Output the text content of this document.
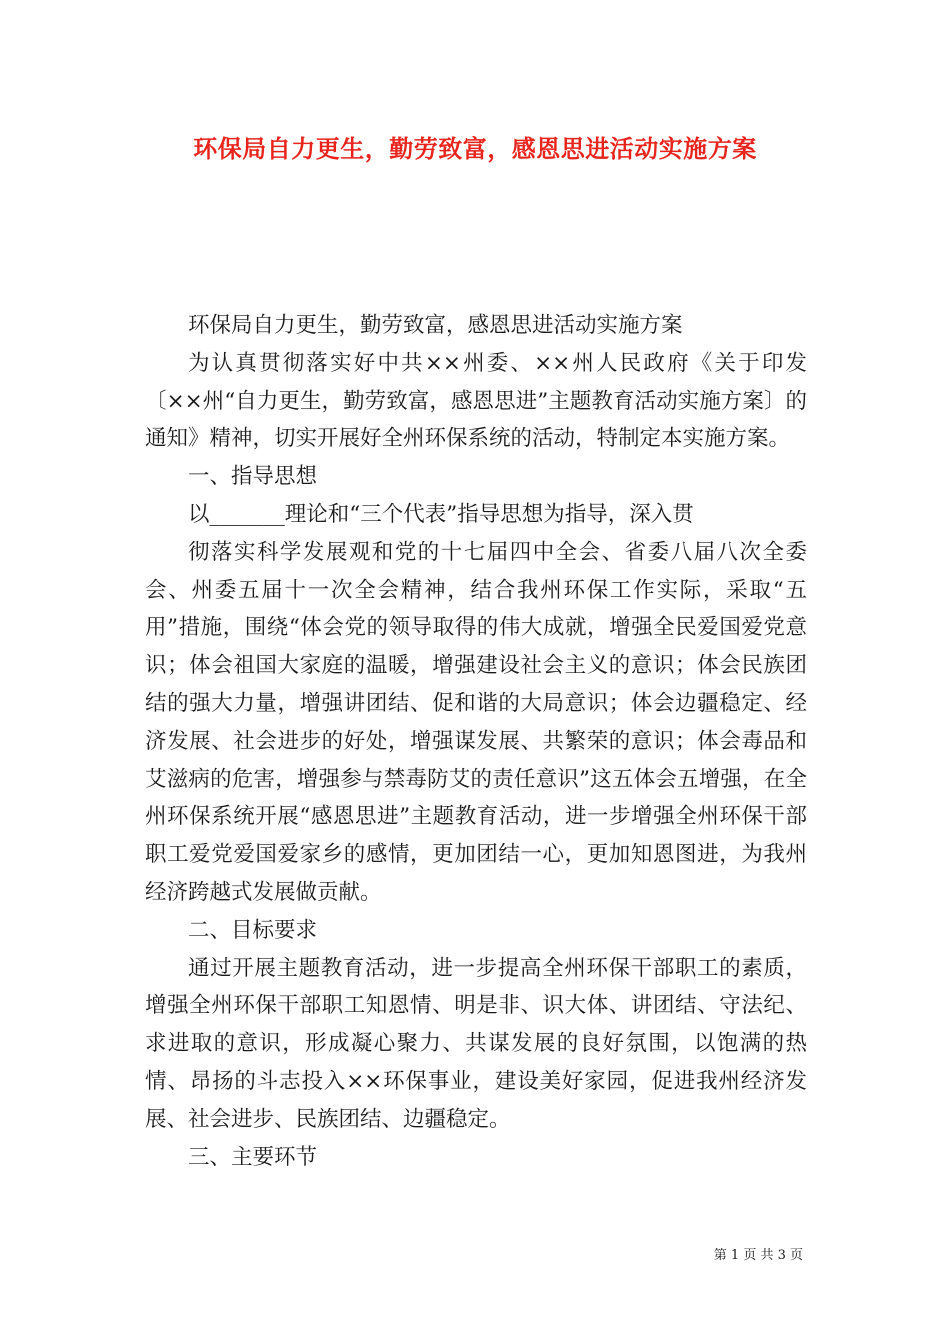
环保局自力更生，勤劳致富，感恩思进活动实施方案

环保局自力更生，勤劳致富，感恩思进活动实施方案

为认真贯彻落实好中共××州委、××州人民政府《关于印发〔××州“自力更生，勤劳致富，感恩思进”主题教育活动实施方案〕的通知》精神，切实开展好全州环保系统的活动，特制定本实施方案。

一、指导思想

以_______理论和“三个代表”指导思想为指导，深入贯

彻落实科学发展观和党的十七届四中全会、省委八届八次全委会、州委五届十一次全会精神，结合我州环保工作实际，采取“五用”措施，围绕“体会党的领导取得的伟大成就，增强全民爱国爱党意识；体会祖国大家庭的温暖，增强建设社会主义的意识；体会民族团结的强大力量，增强讲团结、促和谐的大局意识；体会边疆稳定、经济发展、社会进步的好处，增强谋发展、共繁荣的意识；体会毒品和艾滋病的危害，增强参与禁毒防艾的责任意识”这五体会五增强，在全州环保系统开展“感恩思进”主题教育活动，进一步增强全州环保干部职工爱党爱国爱家乡的感情，更加团结一心，更加知恩图进，为我州经济跨越式发展做贡献。

二、目标要求

通过开展主题教育活动，进一步提高全州环保干部职工的素质，增强全州环保干部职工知恩情、明是非、识大体、讲团结、守法纪、求进取的意识，形成凝心聚力、共谋发展的良好氛围，以饱满的热情、昂扬的斗志投入××环保事业，建设美好家园，促进我州经济发展、社会进步、民族团结、边疆稳定。

三、主要环节

第 1 页 共 3 页
